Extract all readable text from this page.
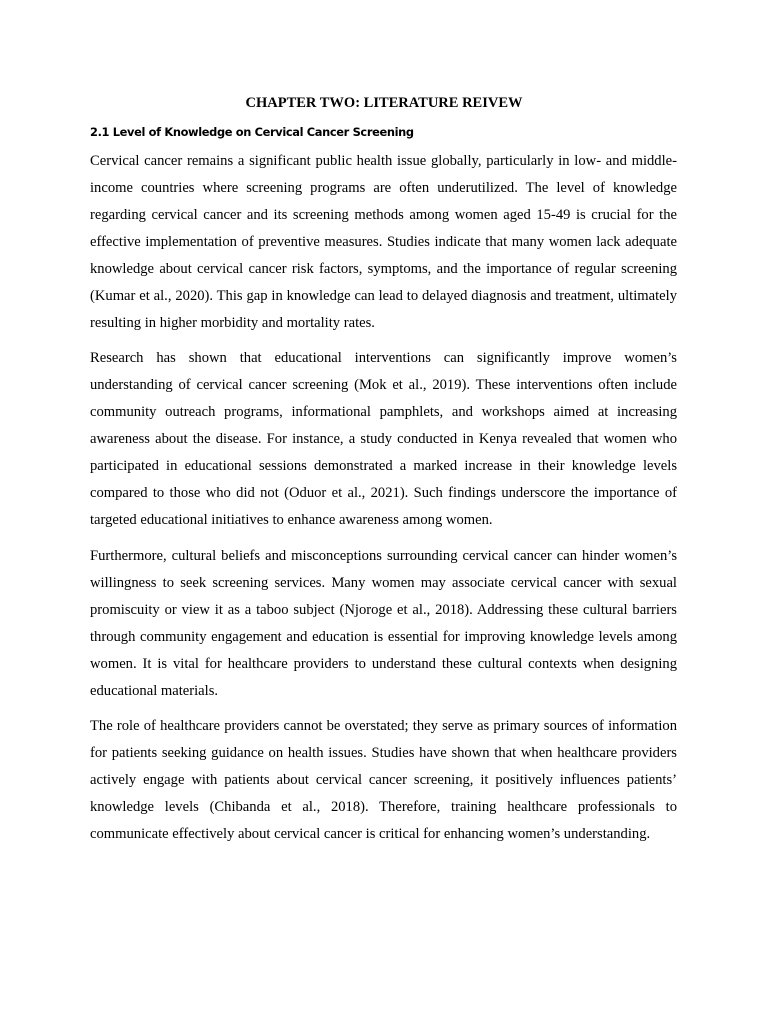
CHAPTER TWO: LITERATURE REIVEW
2.1 Level of Knowledge on Cervical Cancer Screening

Cervical cancer remains a significant public health issue globally, particularly in low- and middle-income countries where screening programs are often underutilized. The level of knowledge regarding cervical cancer and its screening methods among women aged 15-49 is crucial for the effective implementation of preventive measures. Studies indicate that many women lack adequate knowledge about cervical cancer risk factors, symptoms, and the importance of regular screening (Kumar et al., 2020). This gap in knowledge can lead to delayed diagnosis and treatment, ultimately resulting in higher morbidity and mortality rates.

Research has shown that educational interventions can significantly improve women’s understanding of cervical cancer screening (Mok et al., 2019). These interventions often include community outreach programs, informational pamphlets, and workshops aimed at increasing awareness about the disease. For instance, a study conducted in Kenya revealed that women who participated in educational sessions demonstrated a marked increase in their knowledge levels compared to those who did not (Oduor et al., 2021). Such findings underscore the importance of targeted educational initiatives to enhance awareness among women.

Furthermore, cultural beliefs and misconceptions surrounding cervical cancer can hinder women’s willingness to seek screening services. Many women may associate cervical cancer with sexual promiscuity or view it as a taboo subject (Njoroge et al., 2018). Addressing these cultural barriers through community engagement and education is essential for improving knowledge levels among women. It is vital for healthcare providers to understand these cultural contexts when designing educational materials.

The role of healthcare providers cannot be overstated; they serve as primary sources of information for patients seeking guidance on health issues. Studies have shown that when healthcare providers actively engage with patients about cervical cancer screening, it positively influences patients’ knowledge levels (Chibanda et al., 2018). Therefore, training healthcare professionals to communicate effectively about cervical cancer is critical for enhancing women’s understanding.
